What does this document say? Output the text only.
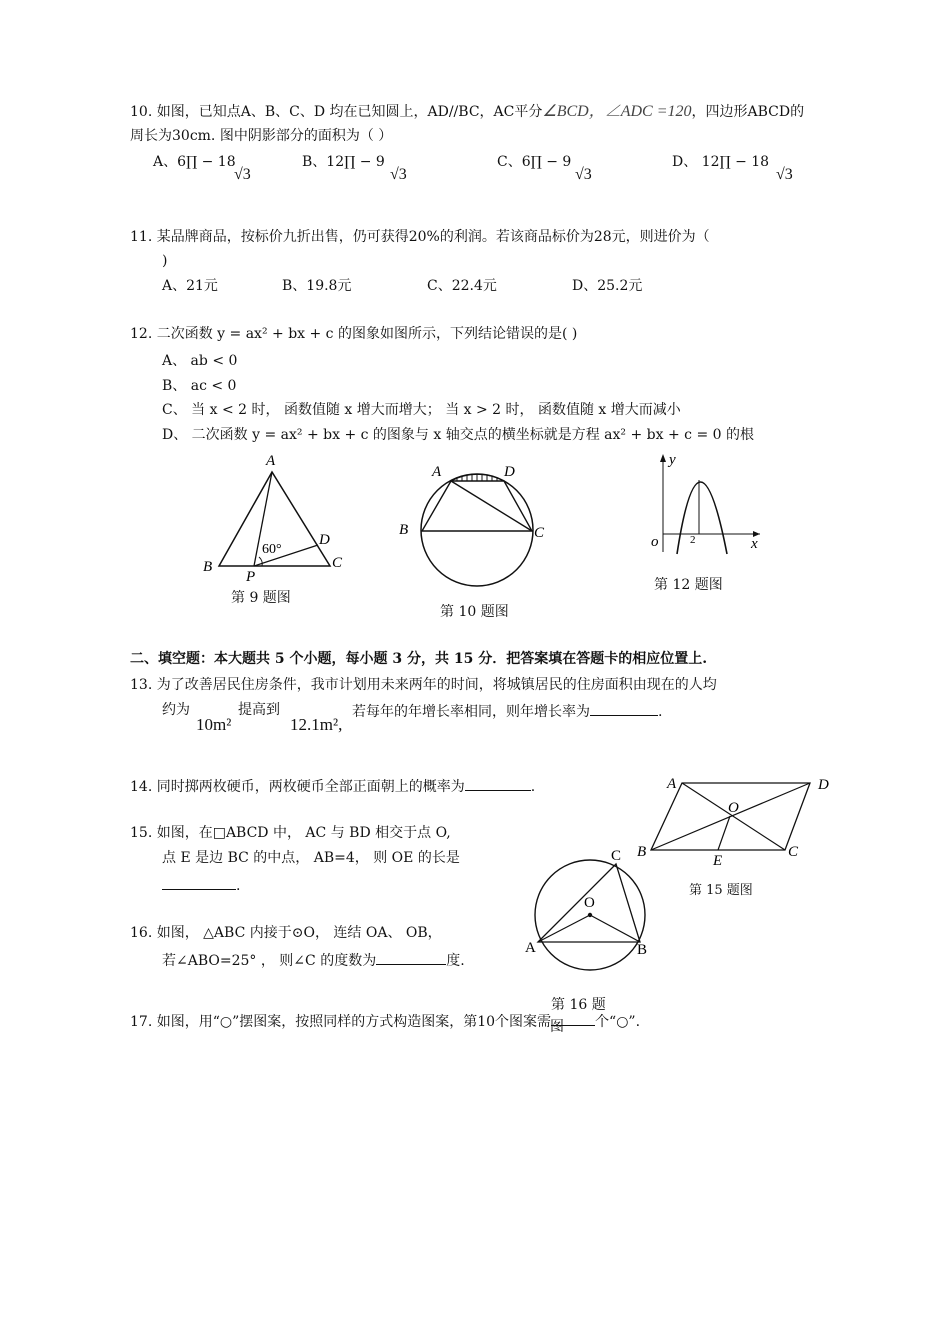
10. 如图，已知点A、B、C、D 均在已知圆上，AD//BC，AC平分∠BCD，∠ADC =120，四边形ABCD的
周长为30cm. 图中阴影部分的面积为（ ）
A、6∏ − 18
√3
B、12∏ − 9
√3
C、6∏ − 9
√3
D、 12∏ − 18
√3
11. 某品牌商品，按标价九折出售，仍可获得20%的利润。若该商品标价为28元，则进价为（
)
A、21元	B、19.8元	C、22.4元	D、25.2元
12. 二次函数 y = ax² + bx + c 的图象如图所示，下列结论错误的是( )
A、 ab < 0
B、 ac < 0
C、 当 x < 2 时， 函数值随 x 增大而增大； 当 x > 2 时， 函数值随 x 增大而减小
D、 二次函数 y = ax² + bx + c 的图象与 x 轴交点的横坐标就是方程 ax² + bx + c = 0 的根
A
B	C
D
P
60°
第 9 题图
A	D
B	C
第 10 题图
y
x
o	2
第 12 题图
二、填空题：本大题共 5 个小题，每小题 3 分，共 15 分．把答案填在答题卡的相应位置上.
13. 为了改善居民住房条件，我市计划用未来两年的时间，将城镇居民的住房面积由现在的人均
约为
10m²
提高到
12.1m²,
若每年的年增长率相同，则年增长率为	.
14. 同时掷两枚硬币，两枚硬币全部正面朝上的概率为	.	A	D
O
B	C
E
第 15 题图
15. 如图，在□ABCD 中， AC 与 BD 相交于点 O,
点 E 是边 BC 的中点， AB=4， 则 OE 的长是
.
C
O
A	B
第 16 题
图
16. 如图， △ABC 内接于⊙O， 连结 OA、 OB，
若∠ABO=25° ， 则∠C 的度数为	度.
17. 如图，用“○”摆图案，按照同样的方式构造图案，第10个图案需	个“○”.
